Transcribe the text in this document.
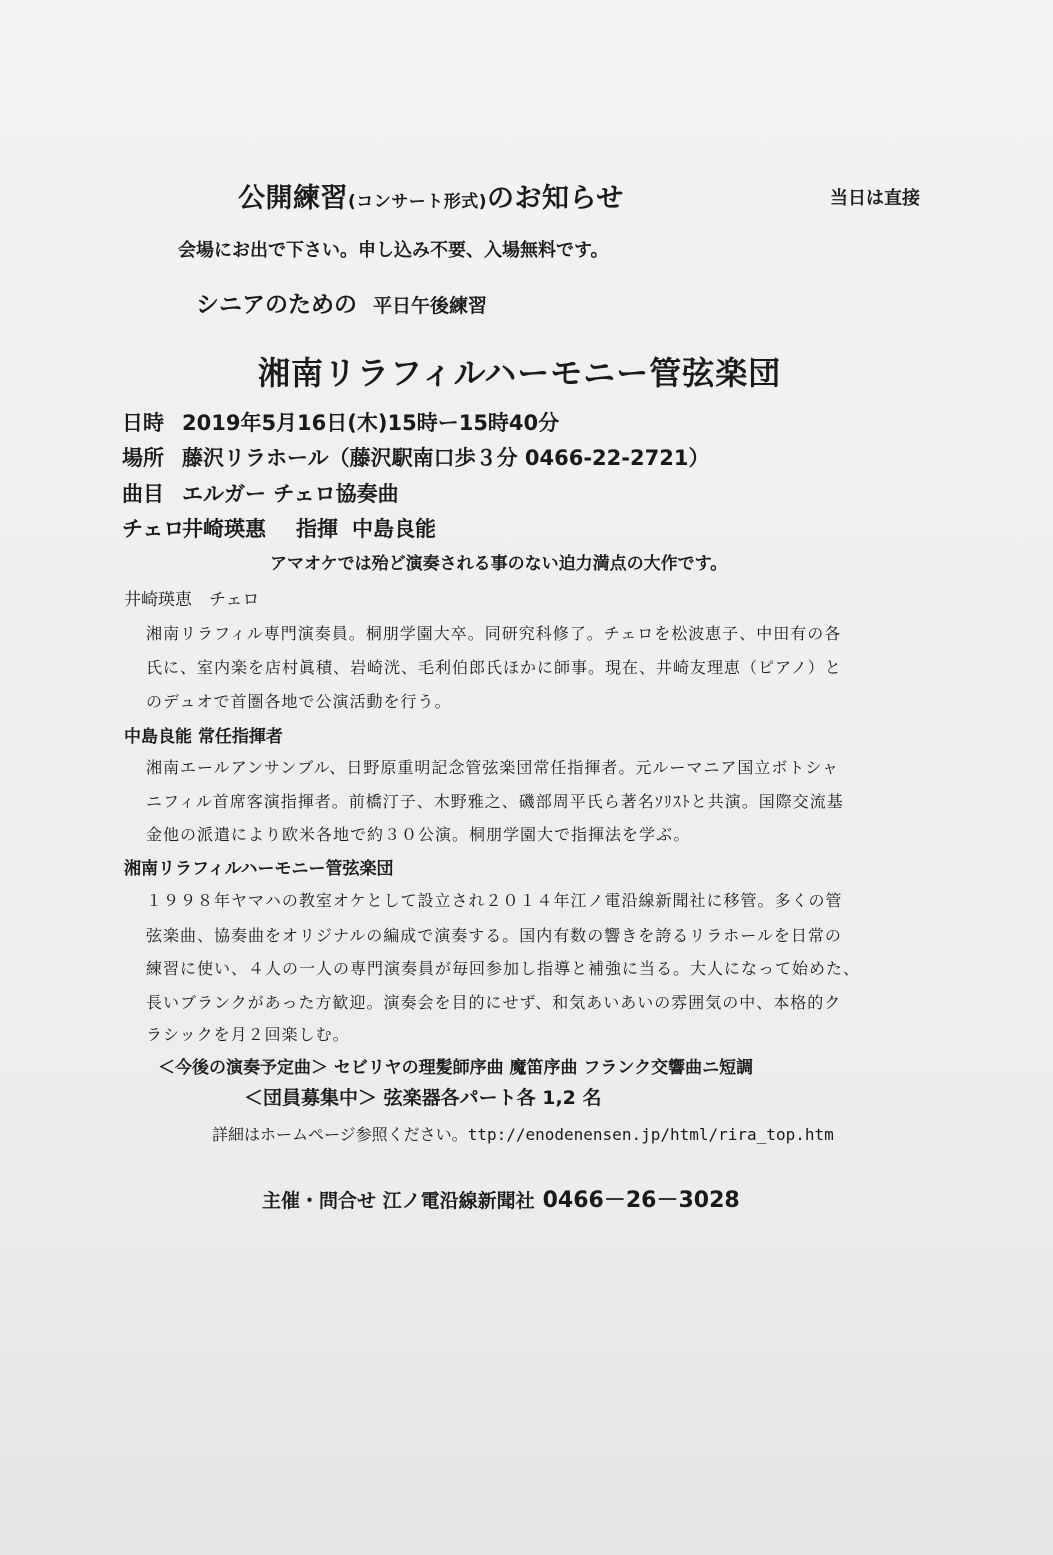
公開練習(コンサート形式)のお知らせ	当日は直接
会場にお出で下さい。申し込み不要、入場無料です。
シニアのための 平日午後練習
湘南リラフィルハーモニー管弦楽団
日時 2019年5月16日(木)15時ー15時40分
場所 藤沢リラホール（藤沢駅南口歩３分 0466-22-2721）
曲目 エルガー チェロ協奏曲
チェロ井崎瑛惠 指揮 中島良能
アマオケでは殆ど演奏される事のない迫力満点の大作です。
井崎瑛恵　チェロ
湘南リラフィル専門演奏員。桐朋学園大卒。同研究科修了。チェロを松波恵子、中田有の各
氏に、室内楽を店村眞積、岩崎洸、毛利伯郎氏ほかに師事。現在、井崎友理恵（ピアノ）と
のデュオで首圏各地で公演活動を行う。
中島良能 常任指揮者
湘南エールアンサンブル、日野原重明記念管弦楽団常任指揮者。元ルーマニア国立ボトシャ
ニフィル首席客演指揮者。前橋汀子、木野雅之、磯部周平氏ら著名ｿﾘｽﾄと共演。国際交流基
金他の派遣により欧米各地で約３０公演。桐朋学園大で指揮法を学ぶ。
湘南リラフィルハーモニー管弦楽団
１９９８年ヤマハの教室オケとして設立され２０１４年江ノ電沿線新聞社に移管。多くの管
弦楽曲、協奏曲をオリジナルの編成で演奏する。国内有数の響きを誇るリラホールを日常の
練習に使い、４人の一人の専門演奏員が毎回参加し指導と補強に当る。大人になって始めた、
長いブランクがあった方歓迎。演奏会を目的にせず、和気あいあいの雰囲気の中、本格的ク
ラシックを月２回楽しむ。
＜今後の演奏予定曲＞ セビリヤの理髪師序曲 魔笛序曲 フランク交響曲ニ短調
＜団員募集中＞ 弦楽器各パート各 1,2 名
詳細はホームページ参照ください。ttp://enodenensen.jp/html/rira_top.htm
主催・問合せ 江ノ電沿線新聞社 0466－26－3028
